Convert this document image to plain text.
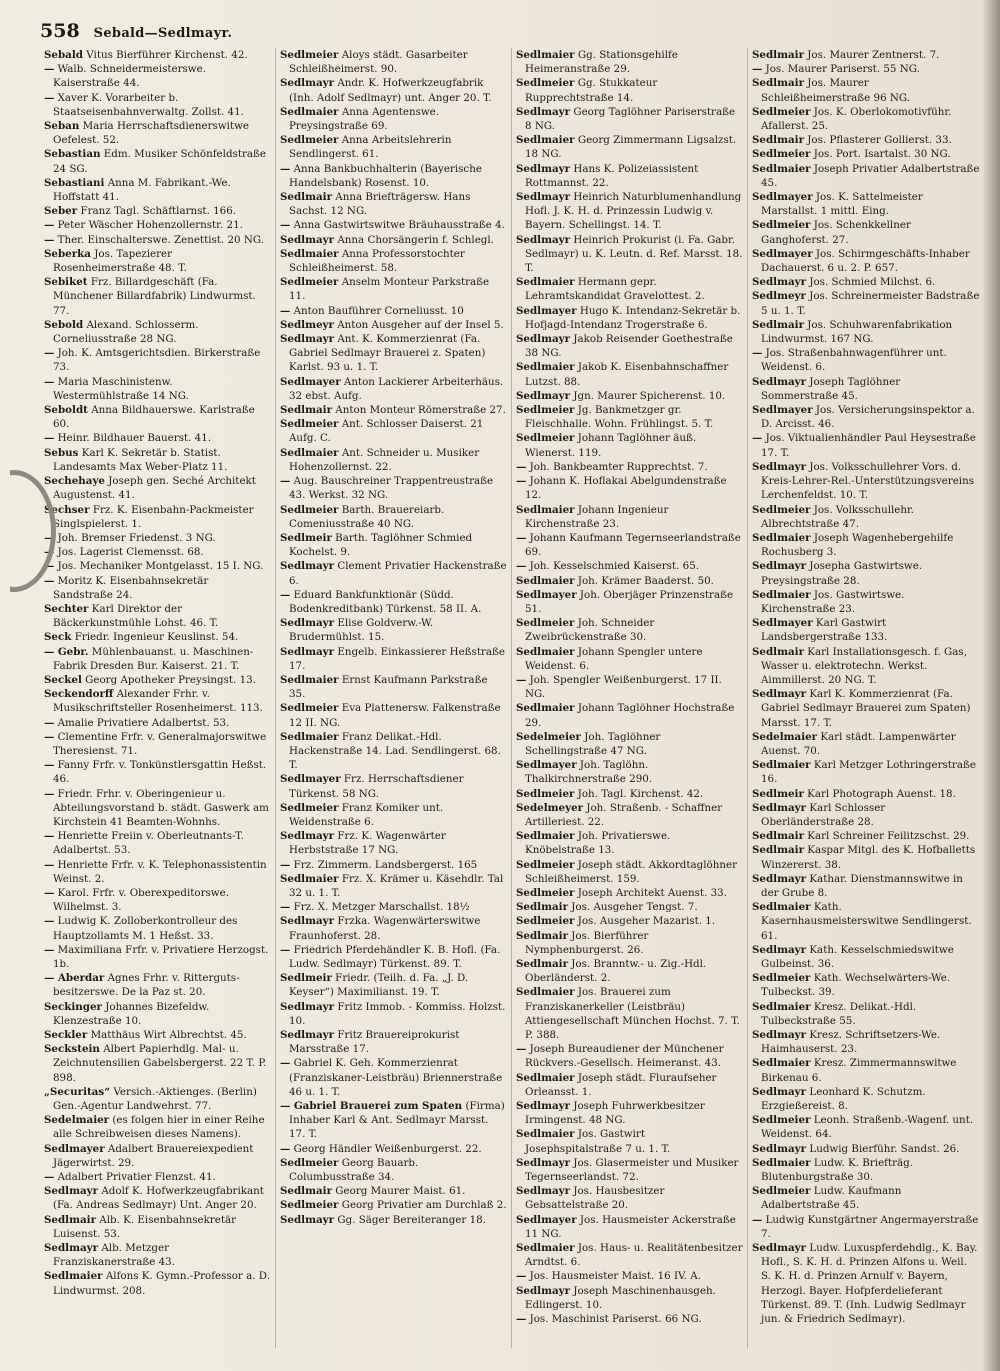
558 Sebald—Sedlmayr.

Sebald Vitus Bierführer Kirchenst. 42.

— Walb. Schneidermeisterswe. Kaiserstraße 44.

— Xaver K. Vorarbeiter b. Staatseisenbahnverwaltg. Zollst. 41.

Seban Maria Herrschaftsdienerswitwe Oefelest. 52.

Sebastian Edm. Musiker Schönfeldstraße 24 SG.

Sebastiani Anna M. Fabrikant.-We. Hoffstatt 41.

Seber Franz Tagl. Schäftlarnst. 166.

— Peter Wäscher Hohenzollernstr. 21.

— Ther. Einschalterswe. Zenettist. 20 NG.

Seberka Jos. Tapezierer Rosenheimerstraße 48. T.

Sebiket Frz. Billardgeschäft (Fa. Münchener Billardfabrik) Lindwurmst. 77.

Sebold Alexand. Schlosserm. Corneliusstraße 28 NG.

— Joh. K. Amtsgerichtsdien. Birkerstraße 73.

— Maria Maschinistenw. Westermühlstraße 14 NG.

Seboldt Anna Bildhauerswe. Karlstraße 60.

— Heinr. Bildhauer Bauerst. 41.

Sebus Karl K. Sekretär b. Statist. Landesamts Max Weber-Platz 11.

Sechehaye Joseph gen. Seché Architekt Augustenst. 41.

Sechser Frz. K. Eisenbahn-Packmeister Singlspielerst. 1.

— Joh. Bremser Friedenst. 3 NG.

— Jos. Lagerist Clemensst. 68.

— Jos. Mechaniker Montgelasst. 15 I. NG.

— Moritz K. Eisenbahnsekretär Sandstraße 24.

Sechter Karl Direktor der Bäckerkunstmühle Lohst. 46. T.

Seck Friedr. Ingenieur Keuslinst. 54.

— Gebr. Mühlenbauanst. u. Maschinen-Fabrik Dresden Bur. Kaiserst. 21. T.

Seckel Georg Apotheker Preysingst. 13.

Seckendorff Alexander Frhr. v. Musikschriftsteller Rosenheimerst. 113.

— Amalie Privatiere Adalbertst. 53.

— Clementine Frfr. v. Generalmajorswitwe Theresienst. 71.

— Fanny Frfr. v. Tonkünstlersgattin Heßst. 46.

— Friedr. Frhr. v. Oberingenieur u. Abteilungsvorstand b. städt. Gaswerk am Kirchstein 41 Beamten-Wohnhs.

— Henriette Freiin v. Oberleutnants-T. Adalbertst. 53.

— Henriette Frfr. v. K. Telephonassistentin Weinst. 2.

— Karol. Frfr. v. Oberexpeditorswe. Wilhelmst. 3.

— Ludwig K. Zolloberkontrolleur des Hauptzollamts M. 1 Heßst. 33.

— Maximiliana Frfr. v. Privatiere Herzogst. 1b.

— Aberdar Agnes Frhr. v. Ritterguts-besitzerswe. De la Paz st. 20.

Seckinger Johannes Bizefeldw. Klenzestraße 10.

Seckler Matthäus Wirt Albrechtst. 45.

Seckstein Albert Papierhdlg. Mal- u. Zeichnutensilien Gabelsbergerst. 22 T. P. 898.

„Securitas“ Versich.-Aktienges. (Berlin) Gen.-Agentur Landwehrst. 77.

Sedelmaier (es folgen hier in einer Reihe alle Schreibweisen dieses Namens).

Sedlmayer Adalbert Brauereiexpedient Jägerwirtst. 29.

— Adalbert Privatier Flenzst. 41.

Sedlmayr Adolf K. Hofwerkzeugfabrikant (Fa. Andreas Sedlmayr) Unt. Anger 20.

Sedlmair Alb. K. Eisenbahnsekretär Luisenst. 53.

Sedlmayr Alb. Metzger Franziskanerstraße 43.

Sedlmaier Alfons K. Gymn.-Professor a. D. Lindwurmst. 208.

Sedlmeier Aloys städt. Gasarbeiter Schleißheimerst. 90.

Sedlmayr Andr. K. Hofwerkzeugfabrik (Inh. Adolf Sedlmayr) unt. Anger 20. T.

Sedlmaier Anna Agentenswe. Preysingstraße 69.

Sedlmeier Anna Arbeitslehrerin Sendlingerst. 61.

— Anna Bankbuchhalterin (Bayerische Handelsbank) Rosenst. 10.

Sedlmair Anna Briefträgersw. Hans Sachst. 12 NG.

— Anna Gastwirtswitwe Bräuhausstraße 4.

Sedlmayr Anna Chorsängerin f. Schlegl.

Sedlmaier Anna Professorstochter Schleißheimerst. 58.

Sedlmeier Anselm Monteur Parkstraße 11.

— Anton Bauführer Corneliusst. 10

Sedlmeyr Anton Ausgeher auf der Insel 5.

Sedlmayr Ant. K. Kommerzienrat (Fa. Gabriel Sedlmayr Brauerei z. Spaten) Karlst. 93 u. 1. T.

Sedlmayer Anton Lackierer Arbeiterhäus. 32 ebst. Aufg.

Sedlmair Anton Monteur Römerstraße 27.

Sedlmeier Ant. Schlosser Daiserst. 21 Aufg. C.

Sedlmaier Ant. Schneider u. Musiker Hohenzollernst. 22.

— Aug. Bauschreiner Trappentreustraße 43. Werkst. 32 NG.

Sedlmeier Barth. Brauereiarb. Comeniusstraße 40 NG.

Sedlmeir Barth. Taglöhner Schmied Kochelst. 9.

Sedlmayr Clement Privatier Hackenstraße 6.

— Eduard Bankfunktionär (Südd. Bodenkreditbank) Türkenst. 58 II. A.

Sedlmayr Elise Goldverw.-W. Brudermühlst. 15.

Sedlmayr Engelb. Einkassierer Heßstraße 17.

Sedlmaier Ernst Kaufmann Parkstraße 35.

Sedlmeier Eva Plattenersw. Falkenstraße 12 II. NG.

Sedlmaier Franz Delikat.-Hdl. Hackenstraße 14. Lad. Sendlingerst. 68. T.

Sedlmayer Frz. Herrschaftsdiener Türkenst. 58 NG.

Sedlmeier Franz Komiker unt. Weidenstraße 6.

Sedlmayr Frz. K. Wagenwärter Herbststraße 17 NG.

— Frz. Zimmerm. Landsbergerst. 165

Sedlmaier Frz. X. Krämer u. Käsehdlr. Tal 32 u. 1. T.

— Frz. X. Metzger Marschallst. 18½

Sedlmayr Frzka. Wagenwärterswitwe Fraunhoferst. 28.

— Friedrich Pferdehändler K. B. Hofl. (Fa. Ludw. Sedlmayr) Türkenst. 89. T.

Sedlmeir Friedr. (Teilh. d. Fa. „J. D. Keyser“) Maximilianst. 19. T.

Sedlmayr Fritz Immob. - Kommiss. Holzst. 10.

Sedlmayr Fritz Brauereiprokurist Marsstraße 17.

— Gabriel K. Geh. Kommerzienrat (Franziskaner-Leistbräu) Briennerstraße 46 u. 1. T.

— Gabriel Brauerei zum Spaten (Firma) Inhaber Karl & Ant. Sedlmayr Marsst. 17. T.

— Georg Händler Weißenburgerst. 22.

Sedlmeier Georg Bauarb. Columbusstraße 34.

Sedlmair Georg Maurer Maist. 61.

Sedlmeier Georg Privatier am Durchlaß 2.

Sedlmayr Gg. Säger Bereiteranger 18.

Sedlmaier Gg. Stationsgehilfe Heimeranstraße 29.

Sedlmeier Gg. Stukkateur Rupprechtstraße 14.

Sedlmayr Georg Taglöhner Pariserstraße 8 NG.

Sedlmaier Georg Zimmermann Ligsalzst. 18 NG.

Sedlmayr Hans K. Polizeiassistent Rottmannst. 22.

Sedlmayr Heinrich Naturblumenhandlung Hofl. J. K. H. d. Prinzessin Ludwig v. Bayern. Schellingst. 14. T.

Sedlmayr Heinrich Prokurist (i. Fa. Gabr. Sedlmayr) u. K. Leutn. d. Ref. Marsst. 18. T.

Sedlmaier Hermann gepr. Lehramtskandidat Gravelottest. 2.

Sedlmayer Hugo K. Intendanz-Sekretär b. Hofjagd-Intendanz Trogerstraße 6.

Sedlmayr Jakob Reisender Goethestraße 38 NG.

Sedlmaier Jakob K. Eisenbahnschaffner Lutzst. 88.

Sedlmayr Jgn. Maurer Spicherenst. 10.

Sedlmeier Jg. Bankmetzger gr. Fleischhalle. Wohn. Frühlingst. 5. T.

Sedlmeier Johann Taglöhner äuß. Wienerst. 119.

— Joh. Bankbeamter Rupprechtst. 7.

— Johann K. Hoflakai Abelgundenstraße 12.

Sedlmaier Johann Ingenieur Kirchenstraße 23.

— Johann Kaufmann Tegernseerlandstraße 69.

— Joh. Kesselschmied Kaiserst. 65.

Sedlmaier Joh. Krämer Baaderst. 50.

Sedlmayer Joh. Oberjäger Prinzenstraße 51.

Sedlmeier Joh. Schneider Zweibrückenstraße 30.

Sedlmaier Johann Spengler untere Weidenst. 6.

— Joh. Spengler Weißenburgerst. 17 II. NG.

Sedlmaier Johann Taglöhner Hochstraße 29.

Sedelmeier Joh. Taglöhner Schellingstraße 47 NG.

Sedlmayer Joh. Taglöhn. Thalkirchnerstraße 290.

Sedlmeier Joh. Tagl. Kirchenst. 42.

Sedelmeyer Joh. Straßenb. - Schaffner Artilleriest. 22.

Sedlmaier Joh. Privatierswe. Knöbelstraße 13.

Sedlmeier Joseph städt. Akkordtaglöhner Schleißheimerst. 159.

Sedlmeier Joseph Architekt Auenst. 33.

Sedlmair Jos. Ausgeher Tengst. 7.

Sedlmeier Jos. Ausgeher Mazarist. 1.

Sedlmair Jos. Bierführer Nymphenburgerst. 26.

Sedlmair Jos. Branntw.- u. Zig.-Hdl. Oberländerst. 2.

Sedlmaier Jos. Brauerei zum Franziskanerkeller (Leistbräu) Attiengesellschaft München Hochst. 7. T. P. 388.

— Joseph Bureaudiener der Münchener Rückvers.-Gesellsch. Heimeranst. 43.

Sedlmaier Joseph städt. Fluraufseher Orleansst. 1.

Sedlmayr Joseph Fuhrwerkbesitzer Irmingenst. 48 NG.

Sedlmaier Jos. Gastwirt Josephspitalstraße 7 u. 1. T.

Sedlmayr Jos. Glasermeister und Musiker Tegernseerlandst. 72.

Sedlmayr Jos. Hausbesitzer Gebsattelstraße 20.

Sedlmayer Jos. Hausmeister Ackerstraße 11 NG.

Sedlmaier Jos. Haus- u. Realitätenbesitzer Arndtst. 6.

— Jos. Hausmeister Maist. 16 IV. A.

Sedlmayr Joseph Maschinenhausgeh. Edlingerst. 10.

— Jos. Maschinist Pariserst. 66 NG.

Sedlmair Jos. Maurer Zentnerst. 7.

— Jos. Maurer Pariserst. 55 NG.

Sedlmair Jos. Maurer Schleißheimerstraße 96 NG.

Sedlmeier Jos. K. Oberlokomotivführ. Afallerst. 25.

Sedlmair Jos. Pflasterer Gollierst. 33.

Sedlmeier Jos. Port. Isartalst. 30 NG.

Sedlmaier Joseph Privatier Adalbertstraße 45.

Sedlmayer Jos. K. Sattelmeister Marstallst. 1 mittl. Eing.

Sedlmeier Jos. Schenkkellner Ganghoferst. 27.

Sedlmayer Jos. Schirmgeschäfts-Inhaber Dachauerst. 6 u. 2. P. 657.

Sedlmayr Jos. Schmied Milchst. 6.

Sedlmeyr Jos. Schreinermeister Badstraße 5 u. 1. T.

Sedlmair Jos. Schuhwarenfabrikation Lindwurmst. 167 NG.

— Jos. Straßenbahnwagenführer unt. Weidenst. 6.

Sedlmayr Joseph Taglöhner Sommerstraße 45.

Sedlmayer Jos. Versicherungsinspektor a. D. Arcisst. 46.

— Jos. Viktualienhändler Paul Heysestraße 17. T.

Sedlmayr Jos. Volksschullehrer Vors. d. Kreis-Lehrer-Rel.-Unterstützungsvereins Lerchenfeldst. 10. T.

Sedlmeier Jos. Volksschullehr. Albrechtstraße 47.

Sedlmaier Joseph Wagenhebergehilfe Rochusberg 3.

Sedlmayr Josepha Gastwirtswe. Preysingstraße 28.

Sedlmaier Jos. Gastwirtswe. Kirchenstraße 23.

Sedlmayer Karl Gastwirt Landsbergerstraße 133.

Sedlmair Karl Installationsgesch. f. Gas, Wasser u. elektrotechn. Werkst. Aimmillerst. 20 NG. T.

Sedlmayr Karl K. Kommerzienrat (Fa. Gabriel Sedlmayr Brauerei zum Spaten) Marsst. 17. T.

Sedelmaier Karl städt. Lampenwärter Auenst. 70.

Sedlmaier Karl Metzger Lothringerstraße 16.

Sedlmeir Karl Photograph Auenst. 18.

Sedlmayr Karl Schlosser Oberländerstraße 28.

Sedlmair Karl Schreiner Feilitzschst. 29.

Sedlmair Kaspar Mitgl. des K. Hofballetts Winzererst. 38.

Sedlmayr Kathar. Dienstmannswitwe in der Grube 8.

Sedlmaier Kath. Kasernhausmeisterswitwe Sendlingerst. 61.

Sedlmayr Kath. Kesselschmiedswitwe Gulbeinst. 36.

Sedlmeier Kath. Wechselwärters-We. Tulbeckst. 39.

Sedlmaier Kresz. Delikat.-Hdl. Tulbeckstraße 55.

Sedlmayr Kresz. Schriftsetzers-We. Haimhauserst. 23.

Sedlmaier Kresz. Zimmermannswitwe Birkenau 6.

Sedlmayr Leonhard K. Schutzm. Erzgießereist. 8.

Sedlmeier Leonh. Straßenb.-Wagenf. unt. Weidenst. 64.

Sedlmayr Ludwig Bierführ. Sandst. 26.

Sedlmaier Ludw. K. Briefträg. Blutenburgstraße 30.

Sedlmeier Ludw. Kaufmann Adalbertstraße 45.

— Ludwig Kunstgärtner Angermayerstraße 7.

Sedlmayr Ludw. Luxuspferdehdlg., K. Bay. Hofl., S. K. H. d. Prinzen Alfons u. Weil. S. K. H. d. Prinzen Arnulf v. Bayern, Herzogl. Bayer. Hofpferdelieferant Türkenst. 89. T. (Inh. Ludwig Sedlmayr jun. & Friedrich Sedlmayr).
